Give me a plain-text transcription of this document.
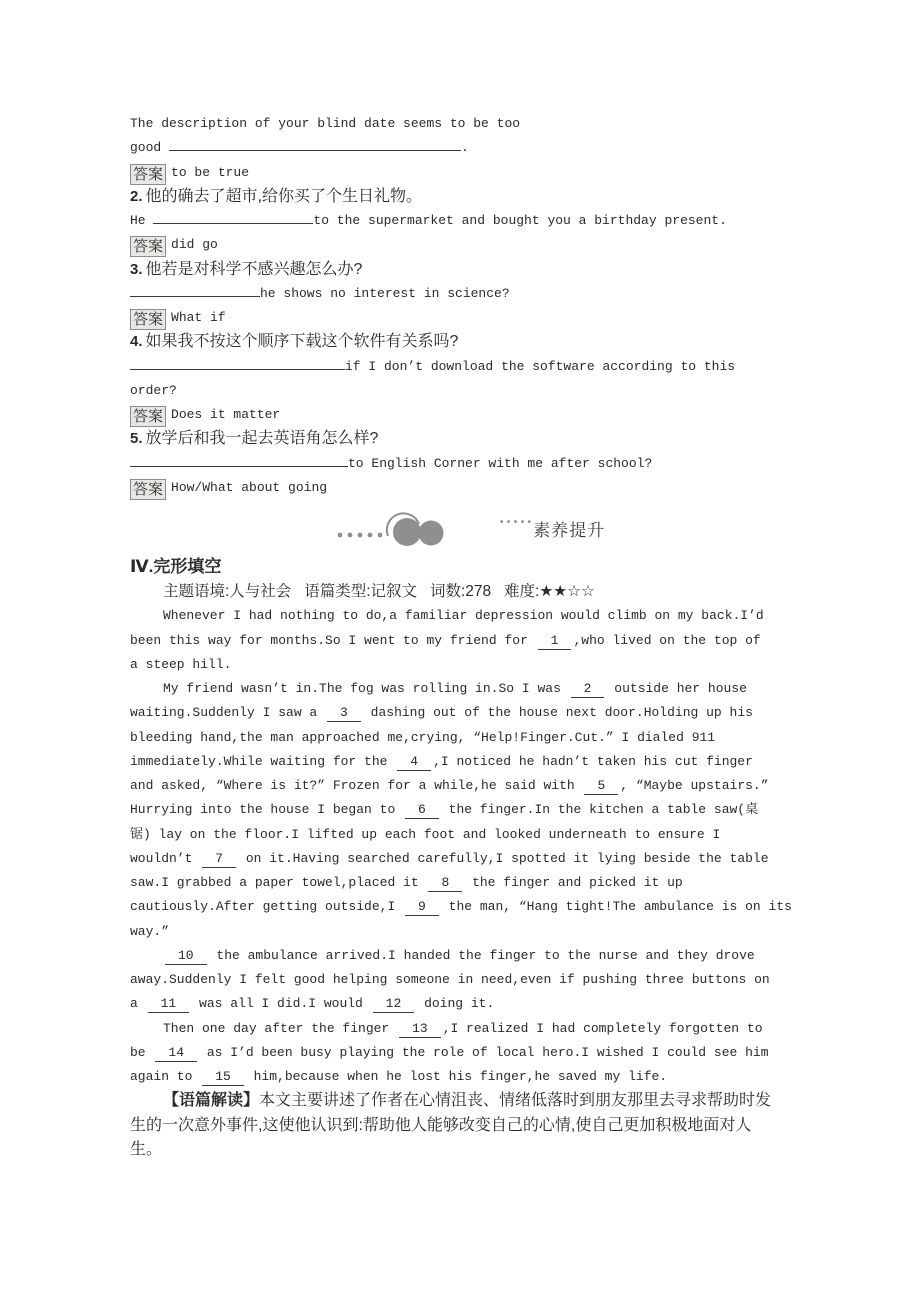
The description of your blind date seems to be too
good	.
答案 to be true
2. 他的确去了超市,给你买了个生日礼物。
He	to the supermarket and bought you a birthday present.
答案 did go
3. 他若是对科学不感兴趣怎么办?
he shows no interest in science?
答案 What if
4. 如果我不按这个顺序下载这个软件有关系吗?
if I don’t download the software according to this
order?
答案 Does it matter
5. 放学后和我一起去英语角怎么样?
to English Corner with me after school?
答案 How/What about going
••••• 素养提升
Ⅳ.完形填空
主题语境:人与社会   语篇类型:记叙文   词数:278   难度:★★☆☆
Whenever I had nothing to do,a familiar depression would climb on my back.I’d
been this way for months.So I went to my friend for 1 ,who lived on the top of
a steep hill.
My friend wasn’t in.The fog was rolling in.So I was 2 outside her house
waiting.Suddenly I saw a 3 dashing out of the house next door.Holding up his
bleeding hand,the man approached me,crying, “Help!Finger.Cut.” I dialed 911
immediately.While waiting for the 4 ,I noticed he hadn’t taken his cut finger
and asked, “Where is it?” Frozen for a while,he said with 5 , “Maybe upstairs.”
Hurrying into the house I began to 6 the finger.In the kitchen a table saw(桌
锯) lay on the floor.I lifted up each foot and looked underneath to ensure I
wouldn’t 7 on it.Having searched carefully,I spotted it lying beside the table
saw.I grabbed a paper towel,placed it 8 the finger and picked it up
cautiously.After getting outside,I 9 the man, “Hang tight!The ambulance is on its
way.”
10 the ambulance arrived.I handed the finger to the nurse and they drove
away.Suddenly I felt good helping someone in need,even if pushing three buttons on
a 11 was all I did.I would 12 doing it.
Then one day after the finger 13 ,I realized I had completely forgotten to
be 14 as I’d been busy playing the role of local hero.I wished I could see him
again to 15 him,because when he lost his finger,he saved my life.
【语篇解读】本文主要讲述了作者在心情沮丧、情绪低落时到朋友那里去寻求帮助时发
生的一次意外事件,这使他认识到:帮助他人能够改变自己的心情,使自己更加积极地面对人
生。
